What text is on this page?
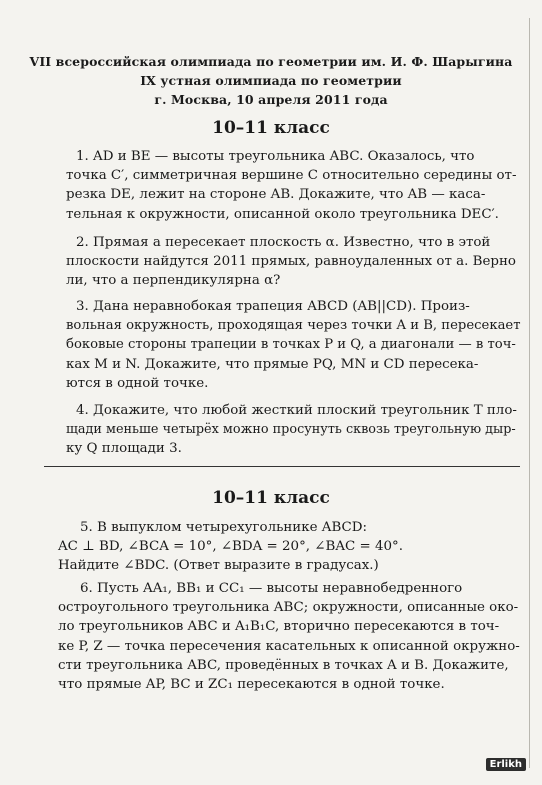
VII всероссийская олимпиада по геометрии им. И. Ф. Шарыгина
IX устная олимпиада по геометрии
г. Москва, 10 апреля 2011 года
10–11 класс
1. AD и BE — высоты треугольника ABC. Оказалось, что
точка C′, симметричная вершине C относительно середины от-
резка DE, лежит на стороне AB. Докажите, что AB — каса-
тельная к окружности, описанной около треугольника DEC′.
2. Прямая a пересекает плоскость α. Известно, что в этой
плоскости найдутся 2011 прямых, равноудаленных от a. Верно
ли, что a перпендикулярна α?
3. Дана неравнобокая трапеция ABCD (AB||CD). Произ-
вольная окружность, проходящая через точки A и B, пересекает
боковые стороны трапеции в точках P и Q, а диагонали — в точ-
ках M и N. Докажите, что прямые PQ, MN и CD пересека-
ются в одной точке.
4. Докажите, что любой жесткий плоский треугольник T пло-
щади меньше четырёх можно просунуть сквозь треугольную дыр-
ку Q площади 3.
10–11 класс
5. В выпуклом четырехугольнике ABCD:
AC ⊥ BD, ∠BCA = 10°, ∠BDA = 20°, ∠BAC = 40°.
Найдите ∠BDC. (Ответ выразите в градусах.)
6. Пусть AA₁, BB₁ и CC₁ — высоты неравнобедренного
остроугольного треугольника ABC; окружности, описанные око-
ло треугольников ABC и A₁B₁C, вторично пересекаются в точ-
ке P, Z — точка пересечения касательных к описанной окружно-
сти треугольника ABC, проведённых в точках A и B. Докажите,
что прямые AP, BC и ZC₁ пересекаются в одной точке.
Erlikh
